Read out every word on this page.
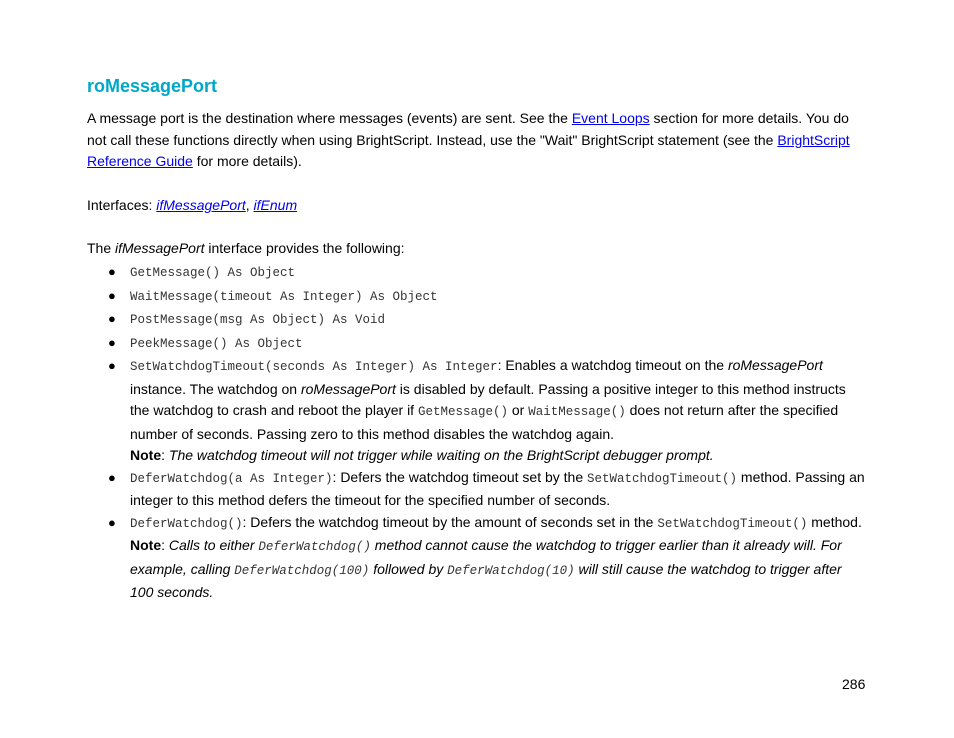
roMessagePort

A message port is the destination where messages (events) are sent. See the Event Loops section for more details. You do not call these functions directly when using BrightScript. Instead, use the "Wait" BrightScript statement (see the BrightScript Reference Guide for more details).

Interfaces: ifMessagePort, ifEnum

The ifMessagePort interface provides the following:

● GetMessage() As Object
● WaitMessage(timeout As Integer) As Object
● PostMessage(msg As Object) As Void
● PeekMessage() As Object
● SetWatchdogTimeout(seconds As Integer) As Integer: Enables a watchdog timeout on the roMessagePort instance. The watchdog on roMessagePort is disabled by default. Passing a positive integer to this method instructs the watchdog to crash and reboot the player if GetMessage() or WaitMessage() does not return after the specified number of seconds. Passing zero to this method disables the watchdog again.
Note: The watchdog timeout will not trigger while waiting on the BrightScript debugger prompt.
● DeferWatchdog(a As Integer): Defers the watchdog timeout set by the SetWatchdogTimeout() method. Passing an integer to this method defers the timeout for the specified number of seconds.
● DeferWatchdog(): Defers the watchdog timeout by the amount of seconds set in the SetWatchdogTimeout() method.
Note: Calls to either DeferWatchdog() method cannot cause the watchdog to trigger earlier than it already will. For example, calling DeferWatchdog(100) followed by DeferWatchdog(10) will still cause the watchdog to trigger after 100 seconds.
286
